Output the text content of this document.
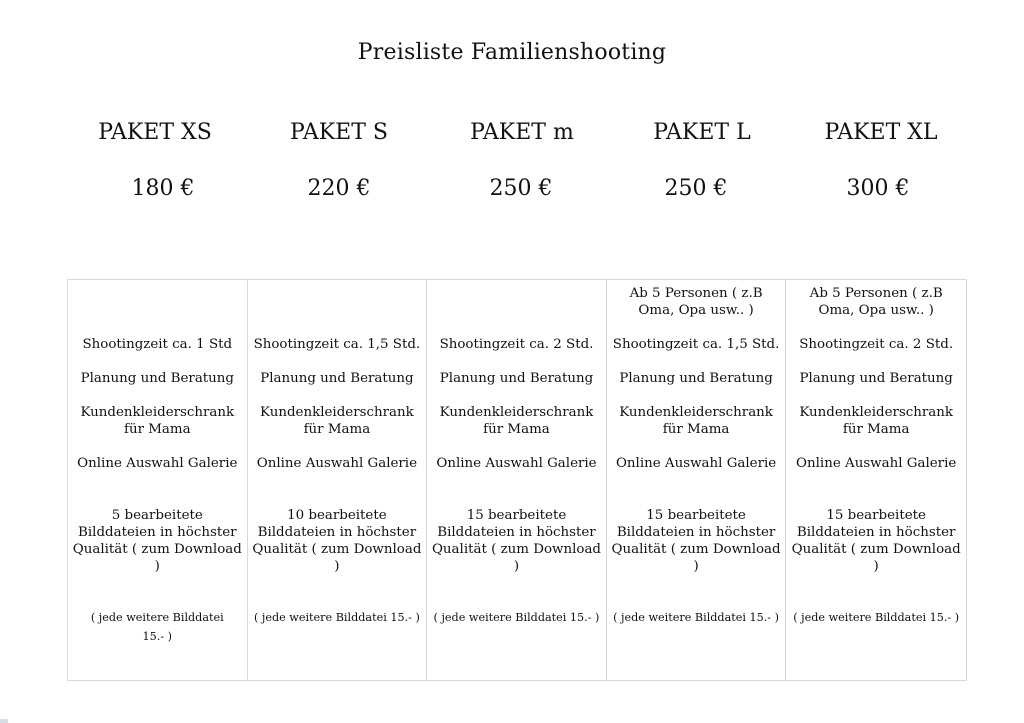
Preisliste Familienshooting
PAKET XS
180 €
PAKET S
220 €
PAKET m
250 €
PAKET L
250 €
PAKET XL
300 €
Shootingzeit ca. 1 Std
Planung und Beratung
Kundenkleiderschrank für Mama
Online Auswahl Galerie
5 bearbeitete Bilddateien in höchster Qualität ( zum Download )
( jede weitere Bilddatei 15.- )
Shootingzeit ca. 1,5 Std.
Planung und Beratung
Kundenkleiderschrank für Mama
Online Auswahl Galerie
10 bearbeitete Bilddateien in höchster Qualität ( zum Download )
( jede weitere Bilddatei 15.- )
Shootingzeit ca. 2 Std.
Planung und Beratung
Kundenkleiderschrank für Mama
Online Auswahl Galerie
15 bearbeitete Bilddateien in höchster Qualität ( zum Download )
( jede weitere Bilddatei 15.- )
Ab 5 Personen ( z.B Oma, Opa usw.. )
Shootingzeit ca. 1,5 Std.
Planung und Beratung
Kundenkleiderschrank für Mama
Online Auswahl Galerie
15 bearbeitete Bilddateien in höchster Qualität ( zum Download )
( jede weitere Bilddatei 15.- )
Ab 5 Personen ( z.B Oma, Opa usw.. )
Shootingzeit ca. 2 Std.
Planung und Beratung
Kundenkleiderschrank für Mama
Online Auswahl Galerie
15 bearbeitete Bilddateien in höchster Qualität ( zum Download )
( jede weitere Bilddatei 15.- )
